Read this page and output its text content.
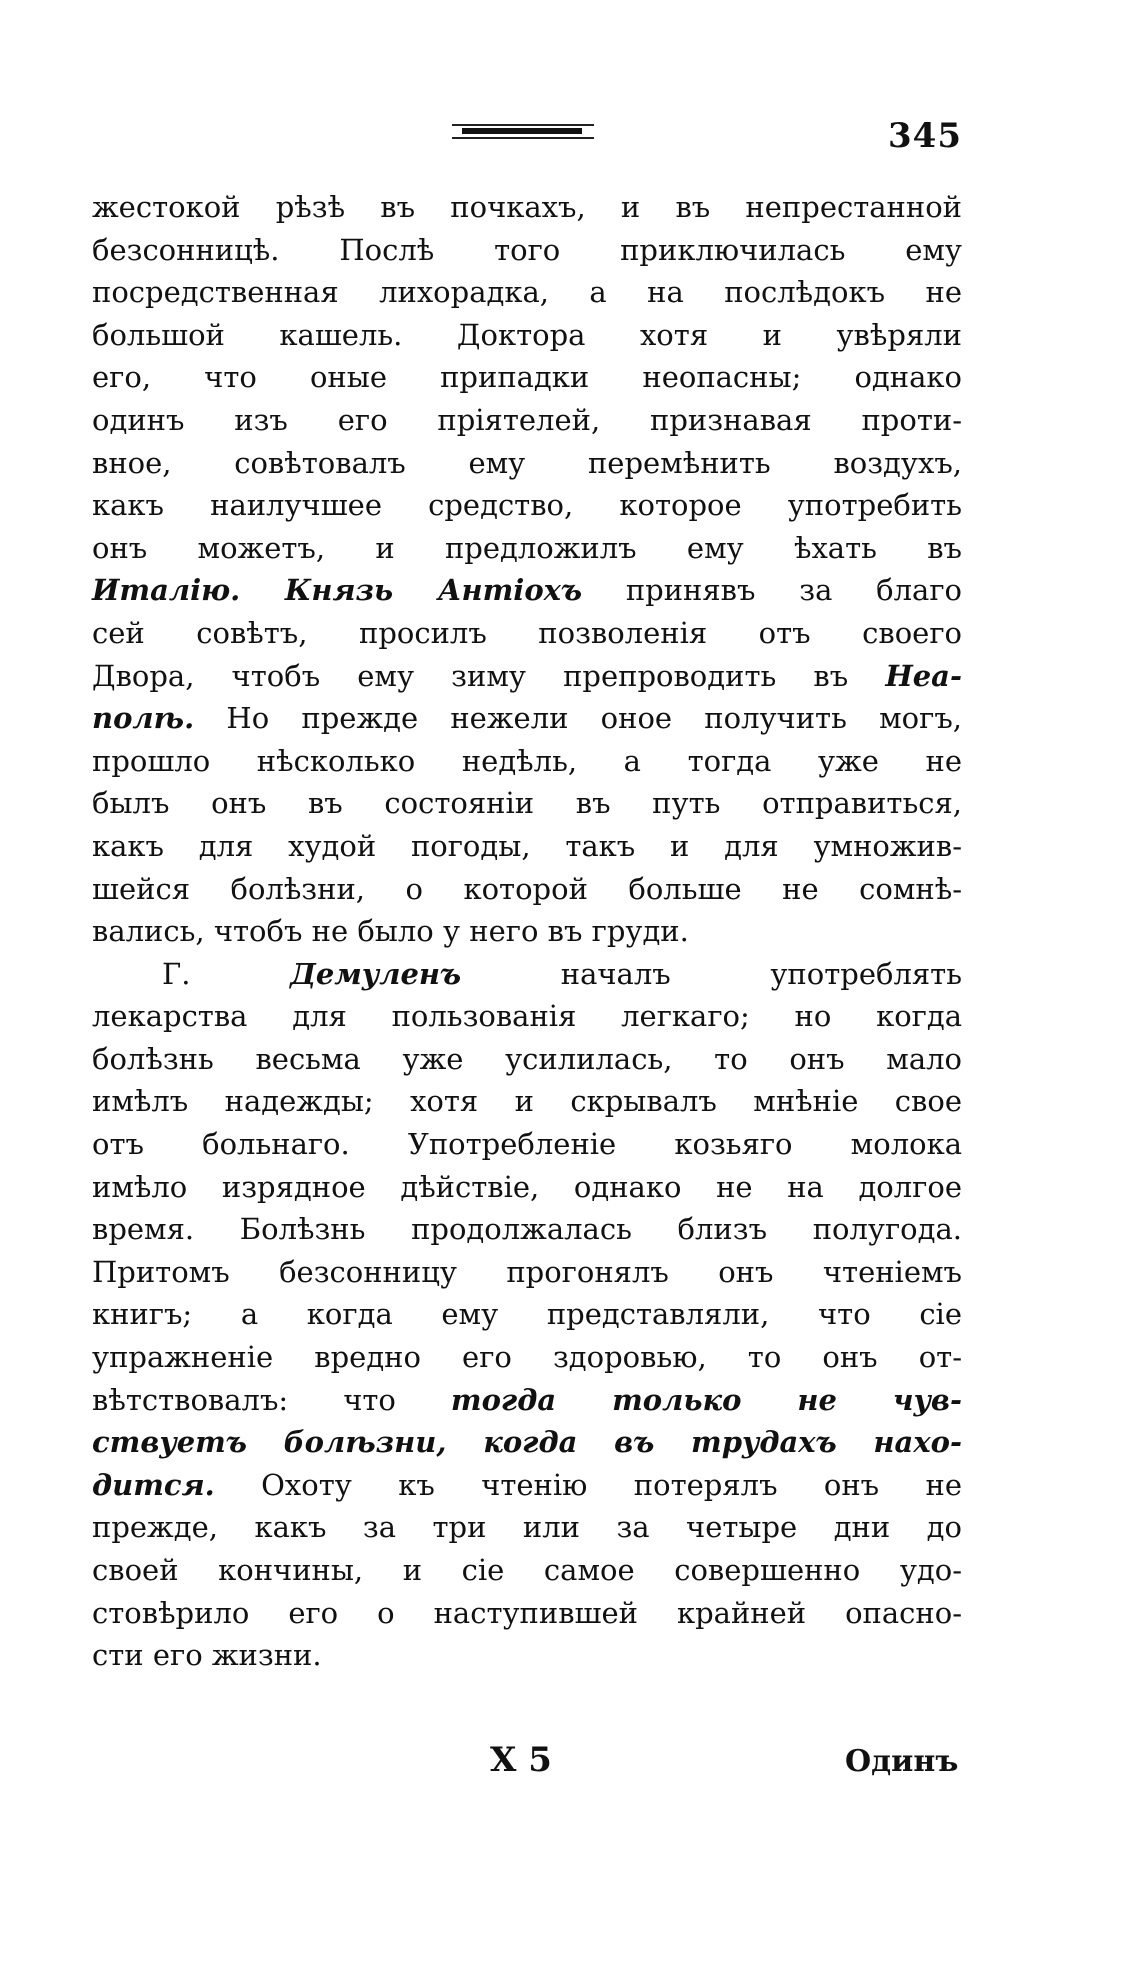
345
жестокой рѣзѣ въ почкахъ, и въ непрестанной
безсонницѣ. Послѣ того приключилась ему
посредственная лихорадка, а на послѣдокъ не
большой кашель. Доктора хотя и увѣряли
его, что оные припадки неопасны; однако
одинъ изъ его пріятелей, признавая проти-
вное, совѣтовалъ ему перемѣнить воздухъ,
какъ наилучшее средство, которое употребить
онъ можетъ, и предложилъ ему ѣхать въ
Италію. Князь Антіохъ принявъ за благо
сей совѣтъ, просилъ позволенія отъ своего
Двора, чтобъ ему зиму препроводить въ Неа-
полѣ. Но прежде нежели оное получить могъ,
прошло нѣсколько недѣль, а тогда уже не
былъ онъ въ состояніи въ путь отправиться,
какъ для худой погоды, такъ и для умножив-
шейся болѣзни, о которой больше не сомнѣ-
вались, чтобъ не было у него въ груди.
Г. Демуленъ началъ употреблять
лекарства для пользованія легкаго; но когда
болѣзнь весьма уже усилилась, то онъ мало
имѣлъ надежды; хотя и скрывалъ мнѣніе свое
отъ больнаго. Употребленіе козьяго молока
имѣло изрядное дѣйствіе, однако не на долгое
время. Болѣзнь продолжалась близъ полугода.
Притомъ безсонницу прогонялъ онъ чтеніемъ
книгъ; а когда ему представляли, что сіе
упражненіе вредно его здоровью, то онъ от-
вѣтствовалъ: что тогда только не чув-
ствуетъ болѣзни, когда въ трудахъ нахо-
дится. Охоту къ чтенію потерялъ онъ не
прежде, какъ за три или за четыре дни до
своей кончины, и сіе самое совершенно удо-
стовѣрило его о наступившей крайней опасно-
сти его жизни.
X 5	Одинъ
